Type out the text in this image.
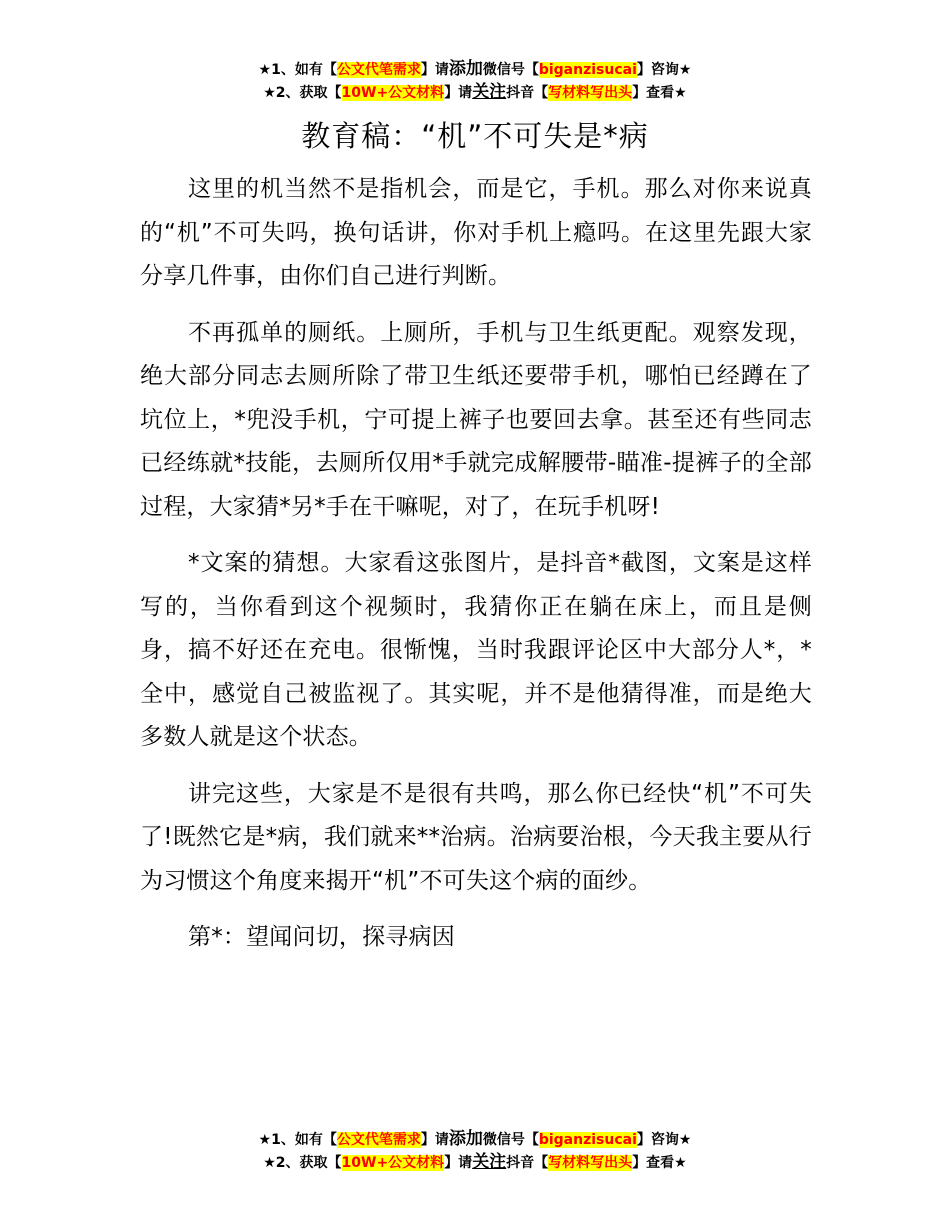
★1、如有【公文代笔需求】请添加微信号【biganzisucai】咨询★
★2、获取【10W+公文材料】请关注抖音【写材料写出头】查看★
教育稿：“机”不可失是*病

这里的机当然不是指机会，而是它，手机。那么对你来说真的“机”不可失吗，换句话讲，你对手机上瘾吗。在这里先跟大家分享几件事，由你们自己进行判断。

不再孤单的厕纸。上厕所，手机与卫生纸更配。观察发现，绝大部分同志去厕所除了带卫生纸还要带手机，哪怕已经蹲在了坑位上，*兜没手机，宁可提上裤子也要回去拿。甚至还有些同志已经练就*技能，去厕所仅用*手就完成解腰带-瞄准-提裤子的全部过程，大家猜*另*手在干嘛呢，对了，在玩手机呀!

*文案的猜想。大家看这张图片，是抖音*截图，文案是这样写的，当你看到这个视频时，我猜你正在躺在床上，而且是侧身，搞不好还在充电。很惭愧，当时我跟评论区中大部分人*，*全中，感觉自己被监视了。其实呢，并不是他猜得准，而是绝大多数人就是这个状态。

讲完这些，大家是不是很有共鸣，那么你已经快“机”不可失了!既然它是*病，我们就来**治病。治病要治根，今天我主要从行为习惯这个角度来揭开“机”不可失这个病的面纱。

第*：望闻问切，探寻病因

★1、如有【公文代笔需求】请添加微信号【biganzisucai】咨询★
★2、获取【10W+公文材料】请关注抖音【写材料写出头】查看★
